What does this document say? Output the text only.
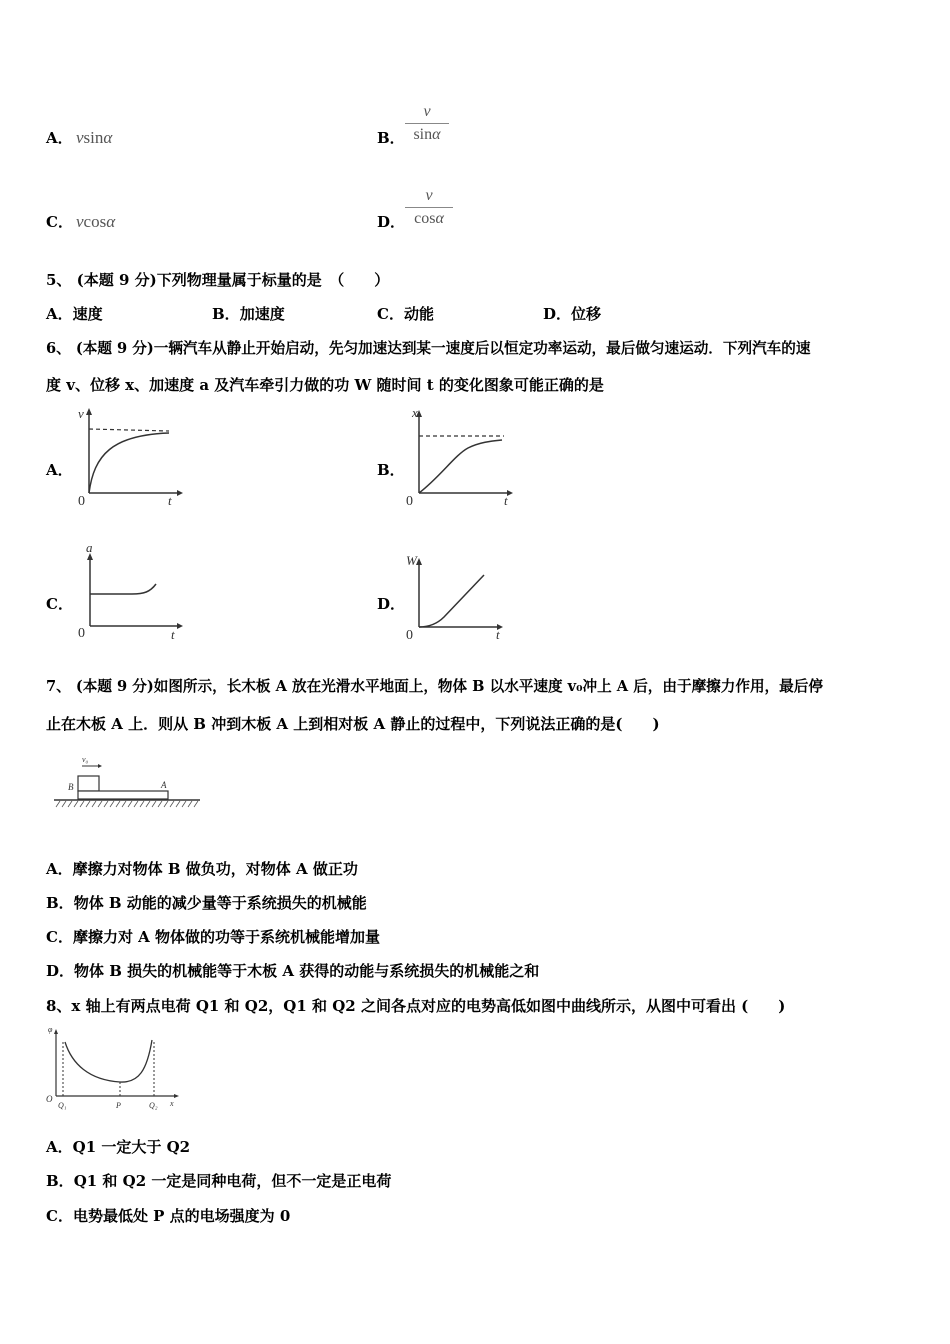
A． vsinα	B．
v
sinα
C． vcosα	D．
v
cosα
5、 (本题 9 分)下列物理量属于标量的是　（　　）
A．速度	B．加速度	C．动能	D．位移
6、 (本题 9 分)一辆汽车从静止开始启动，先匀加速达到某一速度后以恒定功率运动，最后做匀速运动．下列汽车的速
度 v、位移 x、加速度 a 及汽车牵引力做的功 W 随时间 t 的变化图象可能正确的是
A．
v
0	t
B．
x
0	t
C．
a
0	t
D．
W
0	t
7、 (本题 9 分)如图所示，长木板 A 放在光滑水平地面上，物体 B 以水平速度 v₀冲上 A 后，由于摩擦力作用，最后停
止在木板 A 上．则从 B 冲到木板 A 上到相对板 A 静止的过程中，下列说法正确的是(　　)
v₀
B	A
A．摩擦力对物体 B 做负功，对物体 A 做正功
B．物体 B 动能的减少量等于系统损失的机械能
C．摩擦力对 A 物体做的功等于系统机械能增加量
D．物体 B 损失的机械能等于木板 A 获得的动能与系统损失的机械能之和
8、x 轴上有两点电荷 Q1 和 Q2，Q1 和 Q2 之间各点对应的电势高低如图中曲线所示，从图中可看出 (　　)
φ
O
Q₁	P	Q₂ x
A．Q1 一定大于 Q2
B．Q1 和 Q2 一定是同种电荷，但不一定是正电荷
C．电势最低处 P 点的电场强度为 0
